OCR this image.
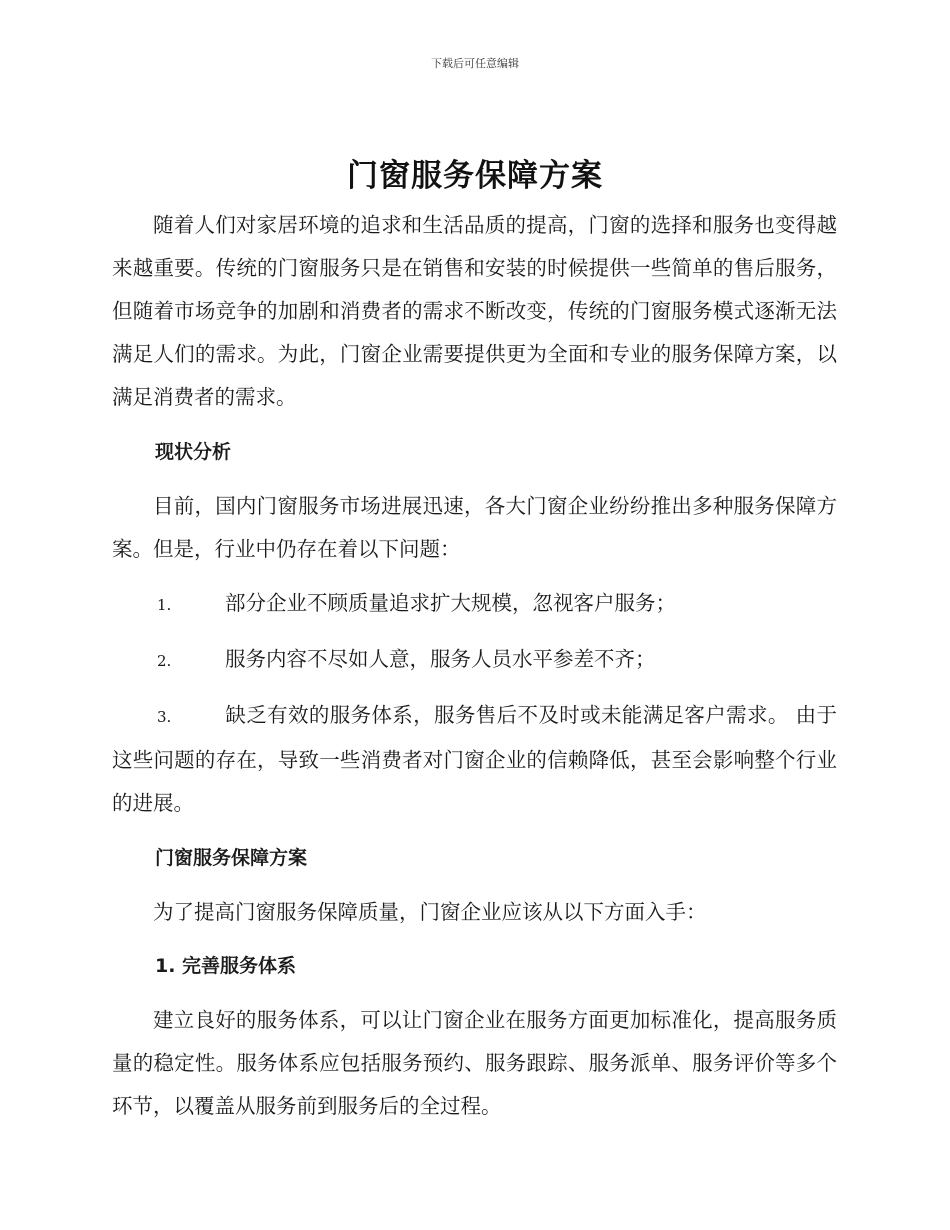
下载后可任意编辑
门窗服务保障方案

随着人们对家居环境的追求和生活品质的提高，门窗的选择和服务也变得越来越重要。传统的门窗服务只是在销售和安装的时候提供一些简单的售后服务，但随着市场竞争的加剧和消费者的需求不断改变，传统的门窗服务模式逐渐无法满足人们的需求。为此，门窗企业需要提供更为全面和专业的服务保障方案，以满足消费者的需求。

现状分析

目前，国内门窗服务市场进展迅速，各大门窗企业纷纷推出多种服务保障方案。但是，行业中仍存在着以下问题：

1.	部分企业不顾质量追求扩大规模，忽视客户服务；
2.	服务内容不尽如人意，服务人员水平参差不齐；
3.	缺乏有效的服务体系，服务售后不及时或未能满足客户需求。 由于这些问题的存在，导致一些消费者对门窗企业的信赖降低，甚至会影响整个行业的进展。
门窗服务保障方案

为了提高门窗服务保障质量，门窗企业应该从以下方面入手：

1. 完善服务体系

建立良好的服务体系，可以让门窗企业在服务方面更加标准化，提高服务质量的稳定性。服务体系应包括服务预约、服务跟踪、服务派单、服务评价等多个环节，以覆盖从服务前到服务后的全过程。
